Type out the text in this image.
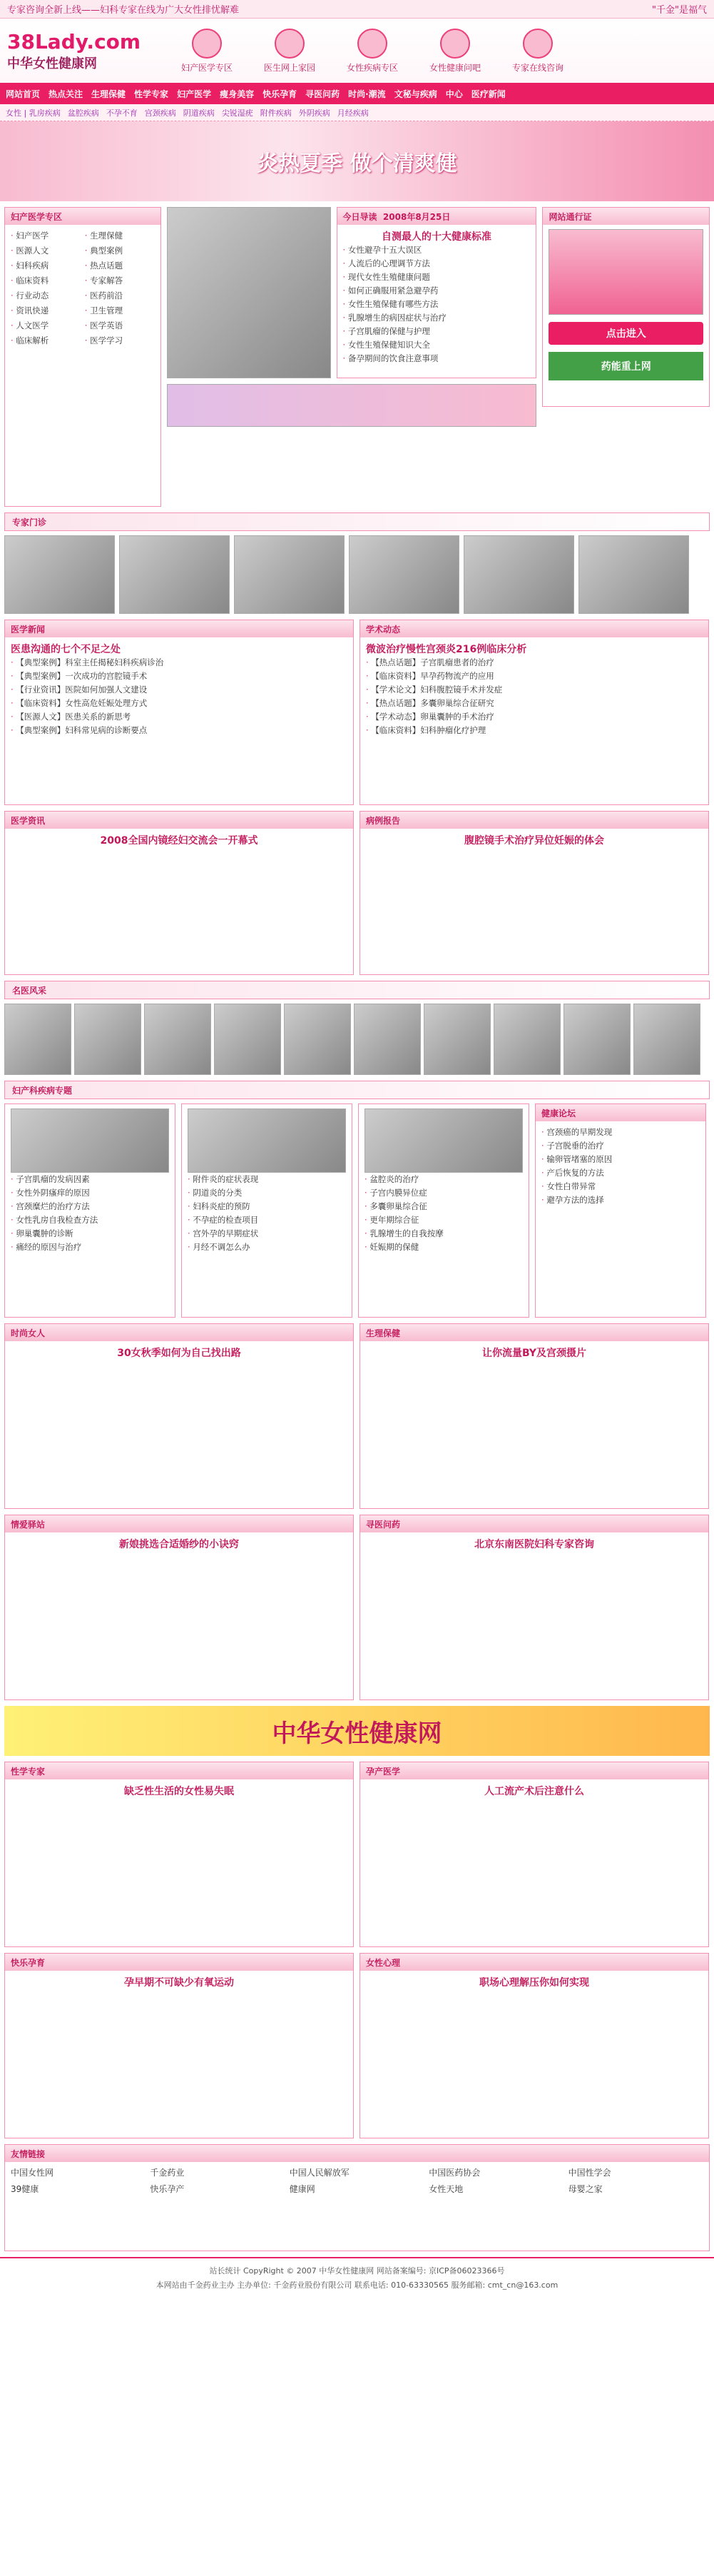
专家咨询全新上线——妇科专家在线为广大女性排忧解难	"千金"是福气
38Lady.com
中华女性健康网	妇产医学专区	医生网上家园	女性疾病专区	女性健康问吧	专家在线咨询
网站首页 热点关注 生理保健 性学专家 妇产医学 瘦身美容 快乐孕育 寻医问药 时尚·潮流 文秘与疾病 中心 医疗新闻
女性 | 乳房疾病 盆腔疾病 不孕不育 宫颈疾病 阴道疾病 尖锐湿疣 附件疾病 外阴疾病 月经疾病
炎热夏季 做个清爽健
妇产医学专区
· 妇产医学	· 生理保健
· 医源人文	· 典型案例
· 妇科疾病	· 热点话题
· 临床资料	· 专家解答
· 行业动态	· 医药前沿
· 资讯快递	· 卫生管理
· 人文医学	· 医学英语
· 临床解析	· 医学学习
今日导读
2008年8月25日
自测最人的十大健康标准
· 女性避孕十五大误区
· 人流后的心理调节方法
· 现代女性生殖健康问题
· 如何正确服用紧急避孕药
· 女性生殖保健有哪些方法
· 乳腺增生的病因症状与治疗
· 子宫肌瘤的保健与护理
· 女性生殖保健知识大全
· 备孕期间的饮食注意事项
网站通行证
点击进入
药能重上网
专家门诊
医学新闻
医患沟通的七个不足之处
· 【典型案例】科室主任揭秘妇科疾病诊治
· 【典型案例】一次成功的宫腔镜手术
· 【行业资讯】医院如何加强人文建设
· 【临床资料】女性高危妊娠处理方式
· 【医源人文】医患关系的新思考
· 【典型案例】妇科常见病的诊断要点
学术动态
微波治疗慢性宫颈炎216例临床分析
· 【热点话题】子宫肌瘤患者的治疗
· 【临床资料】早孕药物流产的应用
· 【学术论文】妇科腹腔镜手术并发症
· 【热点话题】多囊卵巢综合征研究
· 【学术动态】卵巢囊肿的手术治疗
· 【临床资料】妇科肿瘤化疗护理
医学资讯
2008全国内镜经妇交流会一开幕式
病例报告
腹腔镜手术治疗异位妊娠的体会
名医风采
妇产科疾病专题
· 子宫肌瘤的发病因素
· 女性外阴瘙痒的原因
· 宫颈糜烂的治疗方法
· 女性乳房自我检查方法
· 卵巢囊肿的诊断
· 痛经的原因与治疗
· 附件炎的症状表现
· 阴道炎的分类
· 妇科炎症的预防
· 不孕症的检查项目
· 宫外孕的早期症状
· 月经不调怎么办
· 盆腔炎的治疗
· 子宫内膜异位症
· 多囊卵巢综合征
· 更年期综合征
· 乳腺增生的自我按摩
· 妊娠期的保健
健康论坛
· 宫颈癌的早期发现
· 子宫脱垂的治疗
· 输卵管堵塞的原因
· 产后恢复的方法
· 女性白带异常
· 避孕方法的选择
时尚女人
30女秋季如何为自己找出路
生理保健
让你流量BY及宫颈摄片
情爱驿站
新娘挑选合适婚纱的小诀窍
寻医问药
北京东南医院妇科专家咨询
中华女性健康网
性学专家
缺乏性生活的女性易失眠
孕产医学
人工流产术后注意什么
快乐孕育
孕早期不可缺少有氧运动
女性心理
职场心理解压你如何实现
友情链接
中国女性网	千金药业	中国人民解放军	中国医药协会	中国性学会
39健康	快乐孕产	健康网	女性天地	母婴之家
站长统计 CopyRight © 2007 中华女性健康网 网站备案编号: 京ICP备06023366号
本网站由千金药业主办 主办单位: 千金药业股份有限公司 联系电话: 010-63330565 服务邮箱: cmt_cn@163.com
